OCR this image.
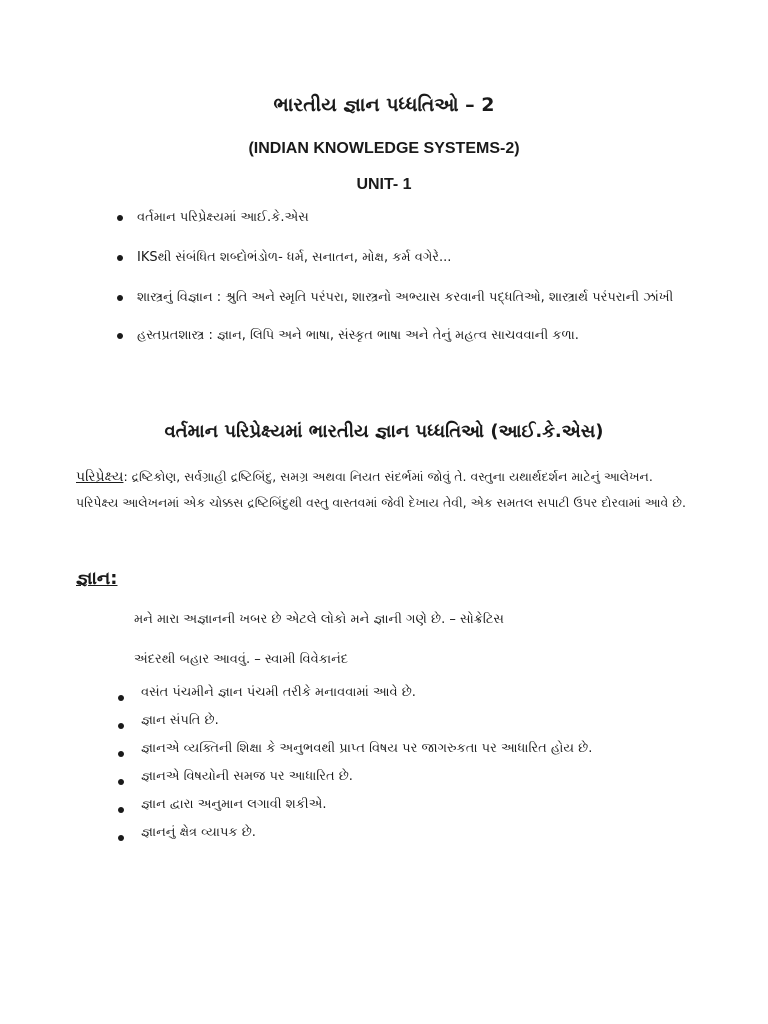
ભારતીય જ્ઞાન પધ્ધતિઓ – 2
(INDIAN KNOWLEDGE SYSTEMS-2)
UNIT- 1
વર્તમાન પરિપ્રેક્ષ્યમાં આઈ.કે.એસ
IKSથી સંબંધિત શબ્દોભંડોળ- ધર્મ, સનાતન, મોક્ષ, કર્મ વગેરે...
શાસ્ત્રનું વિજ્ઞાન : શ્રુતિ અને સ્મૃતિ પરંપરા, શાસ્ત્રનો અભ્યાસ કરવાની પદ્ધતિઓ, શાસ્ત્રાર્થ પરંપરાની ઝાંખી
હસ્તપ્રતશાસ્ત્ર : જ્ઞાન, લિપિ અને ભાષા, સંસ્કૃત ભાષા અને તેનું મહત્વ સાચવવાની કળા.
વર્તમાન પરિપ્રેક્ષ્યમાં ભારતીય જ્ઞાન પધ્ધતિઓ (આઈ.કે.એસ)
પરિપ્રેક્ષ્ય: દ્રષ્ટિકોણ, સર્વગ્રાહી દ્રષ્ટિબિંદુ, સમગ્ર અથવા નિયત સંદર્ભમાં જોવું તે. વસ્તુના યથાર્થદર્શન માટેનું આલેખન. પરિપેક્ષ્ય આલેખનમાં એક ચોક્કસ દ્રષ્ટિબિંદુથી વસ્તુ વાસ્તવમાં જેવી દેખાય તેવી, એક સમતલ સપાટી ઉપર દોરવામાં આવે છે.
જ્ઞાન:
મને મારા અજ્ઞાનની ખબર છે એટલે લોકો મને જ્ઞાની ગણે છે. – સોક્રેટિસ
અંદરથી બહાર આવવું. – સ્વામી વિવેકાનંદ
વસંત પંચમીને જ્ઞાન પંચમી તરીકે મનાવવામાં આવે છે.
જ્ઞાન સંપતિ છે.
જ્ઞાનએ વ્યક્તિની શિક્ષા કે અનુભવથી પ્રાપ્ત વિષય પર જાગરુકતા પર આધારિત હોય છે.
જ્ઞાનએ વિષયોની સમજ પર આધારિત છે.
જ્ઞાન દ્વારા અનુમાન લગાવી શકીએ.
જ્ઞાનનું ક્ષેત્ર વ્યાપક છે.
